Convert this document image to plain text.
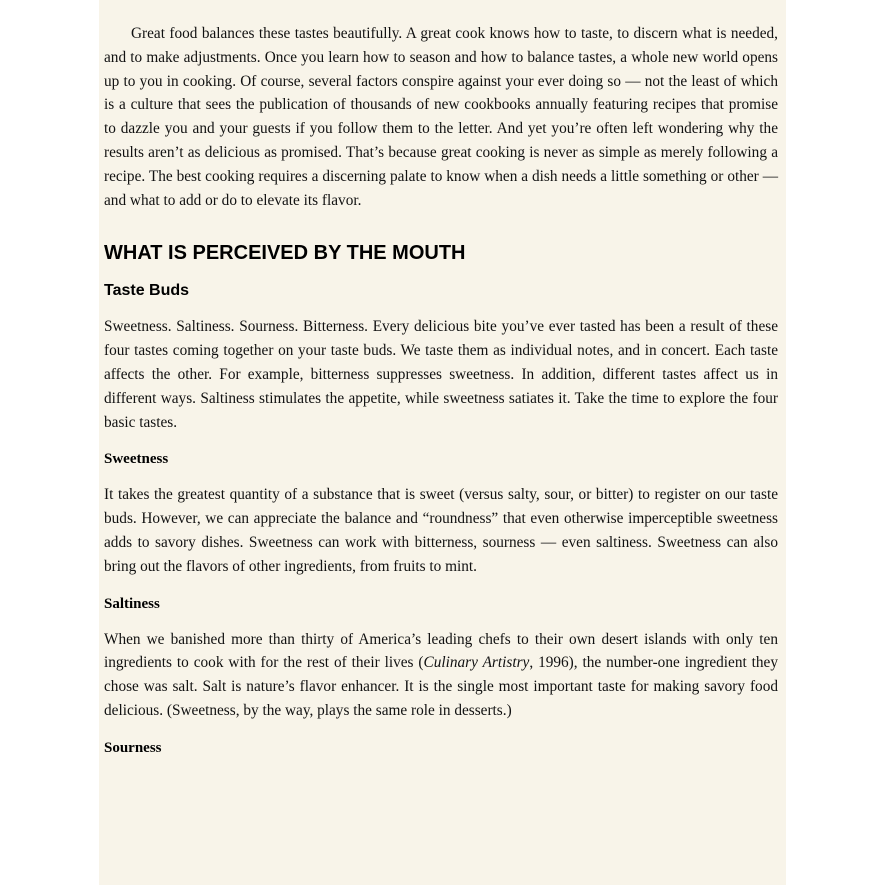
Great food balances these tastes beautifully. A great cook knows how to taste, to discern what is needed, and to make adjustments. Once you learn how to season and how to balance tastes, a whole new world opens up to you in cooking. Of course, several factors conspire against your ever doing so — not the least of which is a culture that sees the publication of thousands of new cookbooks annually featuring recipes that promise to dazzle you and your guests if you follow them to the letter. And yet you’re often left wondering why the results aren’t as delicious as promised. That’s because great cooking is never as simple as merely following a recipe. The best cooking requires a discerning palate to know when a dish needs a little something or other — and what to add or do to elevate its flavor.

WHAT IS PERCEIVED BY THE MOUTH
Taste Buds

Sweetness. Saltiness. Sourness. Bitterness. Every delicious bite you’ve ever tasted has been a result of these four tastes coming together on your taste buds. We taste them as individual notes, and in concert. Each taste affects the other. For example, bitterness suppresses sweetness. In addition, different tastes affect us in different ways. Saltiness stimulates the appetite, while sweetness satiates it. Take the time to explore the four basic tastes.

Sweetness

It takes the greatest quantity of a substance that is sweet (versus salty, sour, or bitter) to register on our taste buds. However, we can appreciate the balance and “roundness” that even otherwise imperceptible sweetness adds to savory dishes. Sweetness can work with bitterness, sourness — even saltiness. Sweetness can also bring out the flavors of other ingredients, from fruits to mint.

Saltiness

When we banished more than thirty of America’s leading chefs to their own desert islands with only ten ingredients to cook with for the rest of their lives (Culinary Artistry, 1996), the number-one ingredient they chose was salt. Salt is nature’s flavor enhancer. It is the single most important taste for making savory food delicious. (Sweetness, by the way, plays the same role in desserts.)

Sourness
